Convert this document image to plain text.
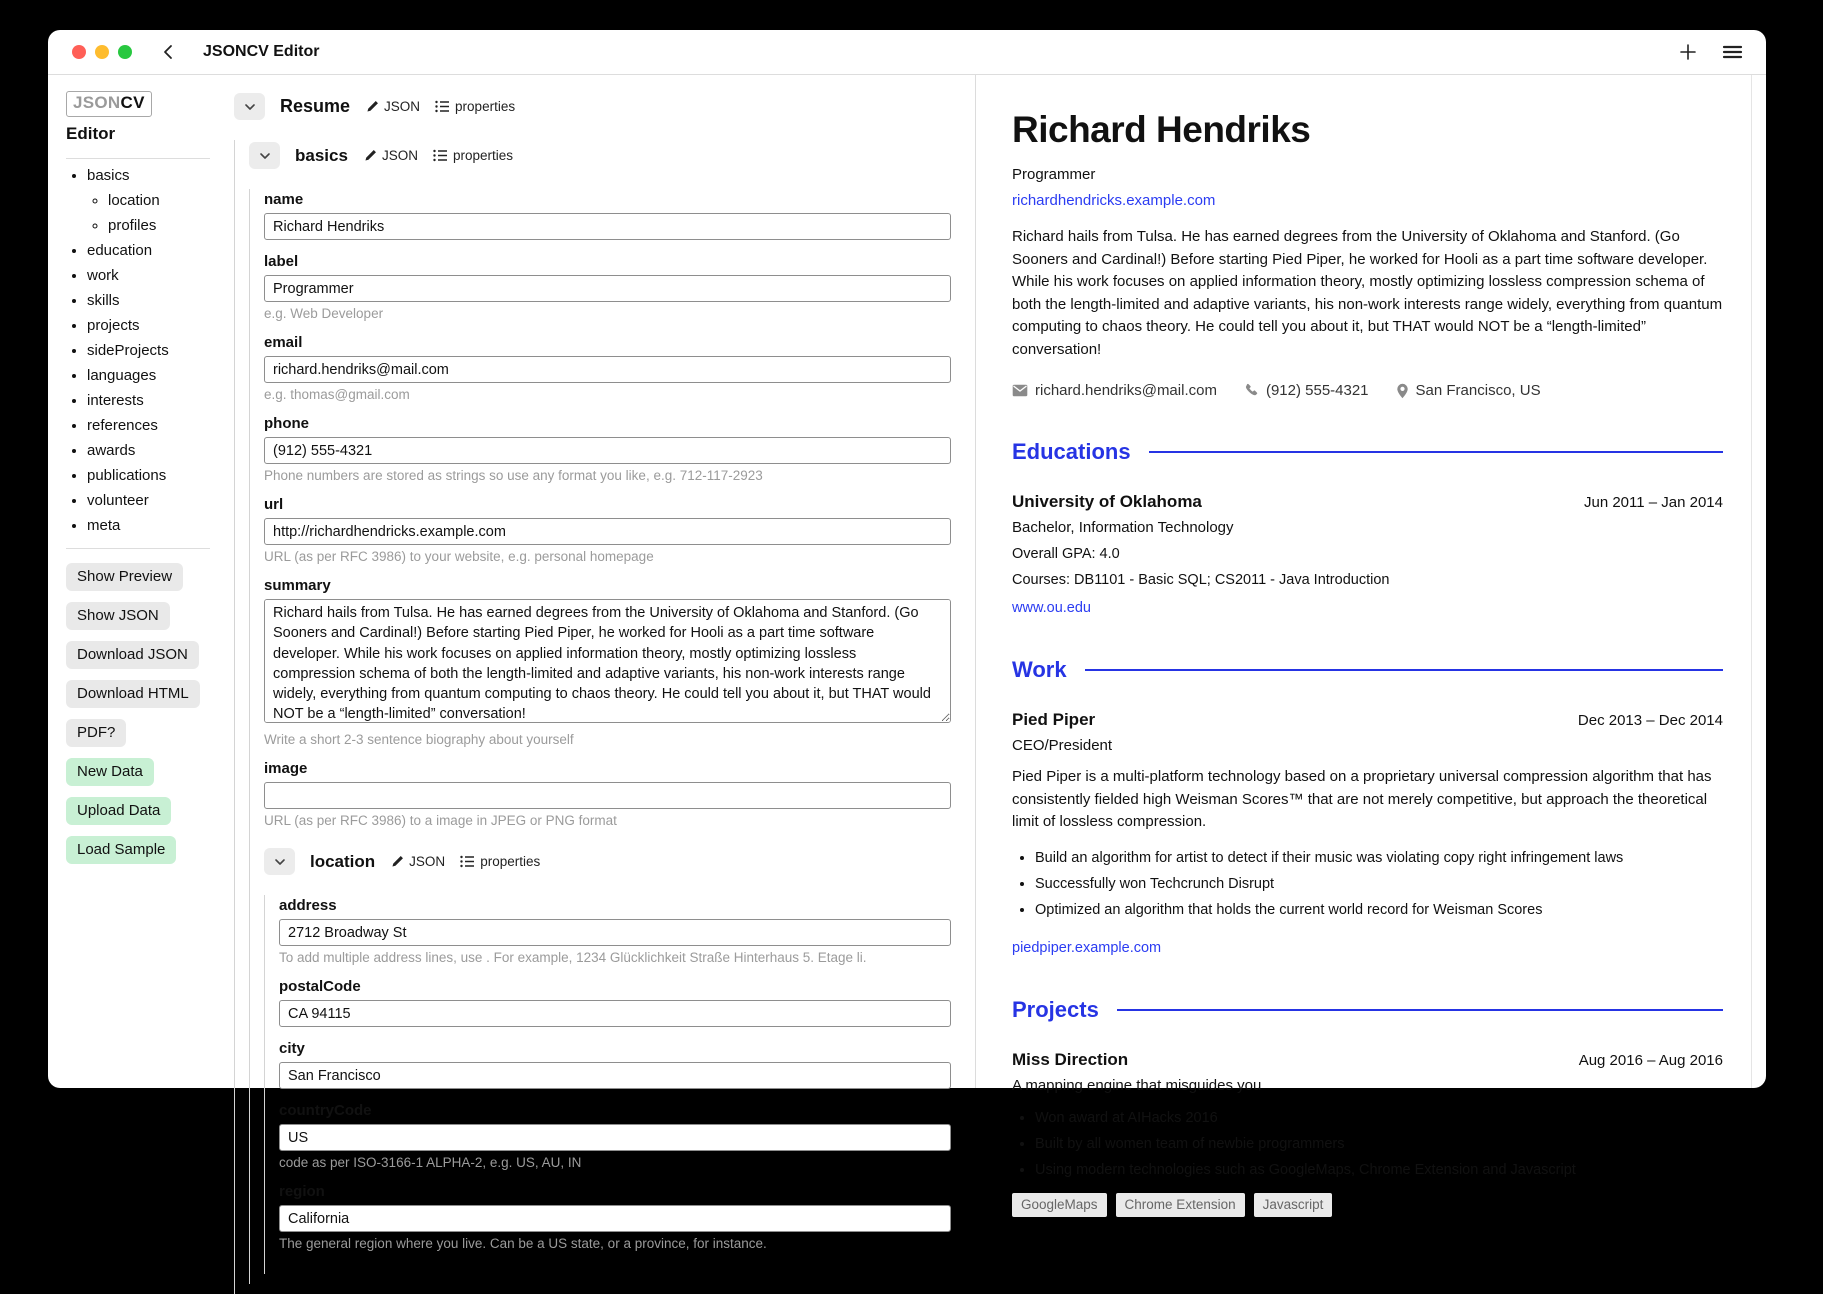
JSONCV Editor
JSONCV
Editor
• basics
◦ location
◦ profiles
• education
• work
• skills
• projects
• sideProjects
• languages
• interests
• references
• awards
• publications
• volunteer
• meta
Show Preview
Show JSON
Download JSON
Download HTML
PDF?
New Data
Upload Data
Load Sample
Resume	JSON	properties
basics	JSON	properties
name
Richard Hendriks
label
Programmer
e.g. Web Developer
email
richard.hendriks@mail.com
e.g. thomas@gmail.com
phone
(912) 555-4321
Phone numbers are stored as strings so use any format you like, e.g. 712-117-2923
url
http://richardhendricks.example.com
URL (as per RFC 3986) to your website, e.g. personal homepage
summary
Richard hails from Tulsa. He has earned degrees from the University of Oklahoma and Stanford. (Go Sooners and Cardinal!) Before starting Pied Piper, he worked for Hooli as a part time software developer. While his work focuses on applied information theory, mostly optimizing lossless compression schema of both the length-limited and adaptive variants, his non-work interests range widely, everything from quantum computing to chaos theory. He could tell you about it, but THAT would NOT be a “length-limited” conversation!
Write a short 2-3 sentence biography about yourself
image
URL (as per RFC 3986) to a image in JPEG or PNG format
location	JSON	properties
address
2712 Broadway St
To add multiple address lines, use . For example, 1234 Glücklichkeit Straße Hinterhaus 5. Etage li.
postalCode
CA 94115
city
San Francisco
countryCode
US
code as per ISO-3166-1 ALPHA-2, e.g. US, AU, IN
region
California
The general region where you live. Can be a US state, or a province, for instance.
Richard Hendriks
Programmer
richardhendricks.example.com

Richard hails from Tulsa. He has earned degrees from the University of Oklahoma and Stanford. (Go Sooners and Cardinal!) Before starting Pied Piper, he worked for Hooli as a part time software developer. While his work focuses on applied information theory, mostly optimizing lossless compression schema of both the length-limited and adaptive variants, his non-work interests range widely, everything from quantum computing to chaos theory. He could tell you about it, but THAT would NOT be a “length-limited” conversation!

richard.hendriks@mail.com	(912) 555-4321	San Francisco, US
Educations
University of Oklahoma	Jun 2011 – Jan 2014
Bachelor, Information Technology
Overall GPA: 4.0
Courses: DB1101 - Basic SQL; CS2011 - Java Introduction
www.ou.edu
Work
Pied Piper	Dec 2013 – Dec 2014
CEO/President

Pied Piper is a multi-platform technology based on a proprietary universal compression algorithm that has consistently fielded high Weisman Scores™ that are not merely competitive, but approach the theoretical limit of lossless compression.

• Build an algorithm for artist to detect if their music was violating copy right infringement laws
• Successfully won Techcrunch Disrupt
• Optimized an algorithm that holds the current world record for Weisman Scores
piedpiper.example.com
Projects
Miss Direction	Aug 2016 – Aug 2016
A mapping engine that misguides you
• Won award at AIHacks 2016
• Built by all women team of newbie programmers
• Using modern technologies such as GoogleMaps, Chrome Extension and Javascript
GoogleMaps	Chrome Extension	Javascript
